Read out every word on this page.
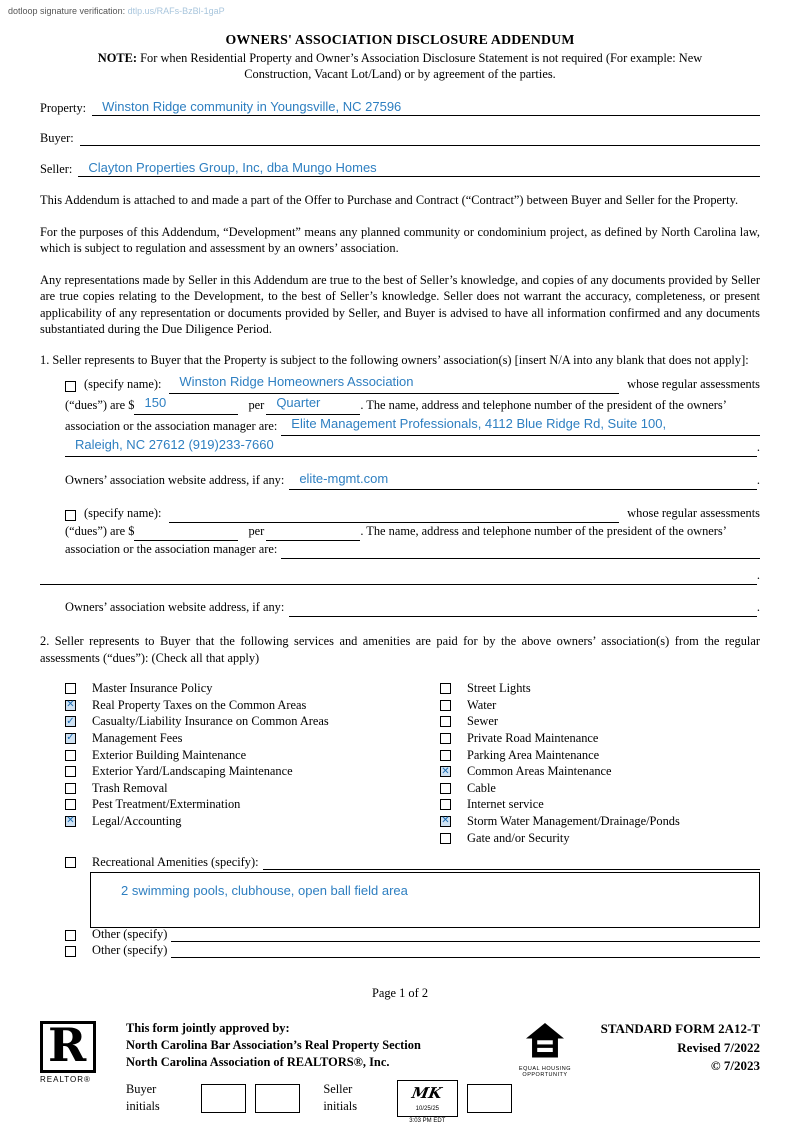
dotloop signature verification: dtlp.us/RAFs-BzBl-1gaP
OWNERS' ASSOCIATION DISCLOSURE ADDENDUM
NOTE: For when Residential Property and Owner’s Association Disclosure Statement is not required (For example: New Construction, Vacant Lot/Land) or by agreement of the parties.
Property:	Winston Ridge community in Youngsville, NC 27596
Buyer:
Seller:	Clayton Properties Group, Inc, dba Mungo Homes

This Addendum is attached to and made a part of the Offer to Purchase and Contract (“Contract”) between Buyer and Seller for the Property.

For the purposes of this Addendum, “Development” means any planned community or condominium project, as defined by North Carolina law, which is subject to regulation and assessment by an owners’ association.

Any representations made by Seller in this Addendum are true to the best of Seller’s knowledge, and copies of any documents provided by Seller are true copies relating to the Development, to the best of Seller’s knowledge. Seller does not warrant the accuracy, completeness, or present applicability of any representation or documents provided by Seller, and Buyer is advised to have all information confirmed and any documents substantiated during the Due Diligence Period.

1. Seller represents to Buyer that the Property is subject to the following owners’ association(s) [insert N/A into any blank that does not apply]:

(specify name):	Winston Ridge Homeowners Association	whose regular assessments
(“dues”) are $ 150	per Quarter	. The name, address and telephone number of the president of the owners’
association or the association manager are:	Elite Management Professionals, 4112 Blue Ridge Rd, Suite 100,
Raleigh, NC 27612 (919)233-7660	.
Owners’ association website address, if any:	elite-mgmt.com	.
(specify name):	whose regular assessments
(“dues”) are $	per	. The name, address and telephone number of the president of the owners’
association or the association manager are:
.
Owners’ association website address, if any:	.

2. Seller represents to Buyer that the following services and amenities are paid for by the above owners’ association(s) from the regular assessments (“dues”): (Check all that apply)

Master Insurance Policy
✕ Real Property Taxes on the Common Areas
✓ Casualty/Liability Insurance on Common Areas
✓ Management Fees
Exterior Building Maintenance
Exterior Yard/Landscaping Maintenance
Trash Removal
Pest Treatment/Extermination
✕ Legal/Accounting
Street Lights
Water
Sewer
Private Road Maintenance
Parking Area Maintenance
✕ Common Areas Maintenance
Cable
Internet service
✕ Storm Water Management/Drainage/Ponds
Gate and/or Security
Recreational Amenities (specify):
2 swimming pools, clubhouse, open ball field area
Other (specify)
Other (specify)
Page 1 of 2
R
REALTOR®
This form jointly approved by:
North Carolina Bar Association’s Real Property Section
North Carolina Association of REALTORS®, Inc.
Buyer initials
Seller initials
MK
10/25/25
3:03 PM EDT
EQUAL HOUSING OPPORTUNITY
STANDARD FORM 2A12-T
Revised 7/2022
© 7/2023
